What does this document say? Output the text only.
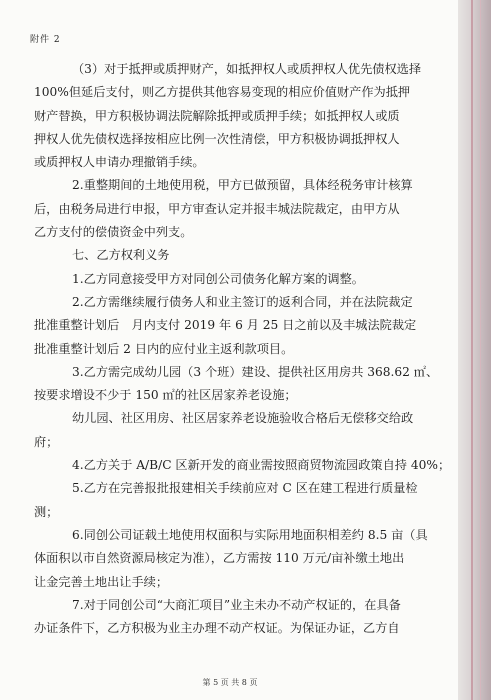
附件 2
（3）对于抵押或质押财产，如抵押权人或质押权人优先债权选择
100%但延后支付，则乙方提供其他容易变现的相应价值财产作为抵押
财产替换，甲方积极协调法院解除抵押或质押手续；如抵押权人或质
押权人优先债权选择按相应比例一次性清偿，甲方积极协调抵押权人
或质押权人申请办理撤销手续。
2.重整期间的土地使用税，甲方已做预留，具体经税务审计核算
后，由税务局进行申报，甲方审查认定并报丰城法院裁定，由甲方从
乙方支付的偿债资金中列支。
七、乙方权利义务
1.乙方同意接受甲方对同创公司债务化解方案的调整。
2.乙方需继续履行债务人和业主签订的返利合同，并在法院裁定
批准重整计划后　月内支付 2019 年 6 月 25 日之前以及丰城法院裁定
批准重整计划后 2 日内的应付业主返利款项目。
3.乙方需完成幼儿园（3 个班）建设、提供社区用房共 368.62 ㎡、
按要求增设不少于 150 ㎡的社区居家养老设施；
幼儿园、社区用房、社区居家养老设施验收合格后无偿移交给政
府；
4.乙方关于 A/B/C 区新开发的商业需按照商贸物流园政策自持 40%；
5.乙方在完善报批报建相关手续前应对 C 区在建工程进行质量检
测；
6.同创公司证载土地使用权面积与实际用地面积相差约 8.5 亩（具
体面积以市自然资源局核定为准），乙方需按 110 万元/亩补缴土地出
让金完善土地出让手续；
7.对于同创公司“大商汇项目”业主未办不动产权证的，在具备
办证条件下，乙方积极为业主办理不动产权证。为保证办证，乙方自
第 5 页 共 8 页
